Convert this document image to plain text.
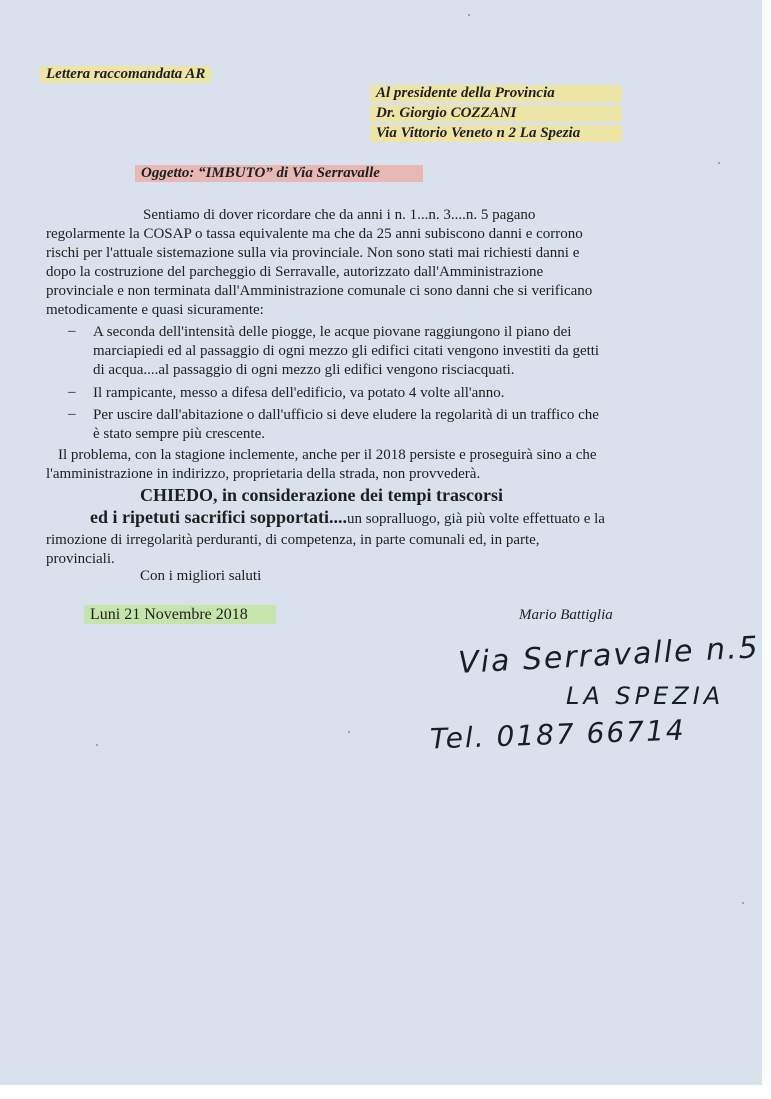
Lettera raccomandata AR
Al presidente della Provincia
Dr. Giorgio COZZANI
Via Vittorio Veneto n 2 La Spezia
Oggetto: “IMBUTO” di Via Serravalle
Sentiamo di dover ricordare che da anni i n. 1...n. 3....n. 5 pagano
regolarmente la COSAP o tassa equivalente ma che da 25 anni subiscono danni e corrono
rischi per l'attuale sistemazione sulla via provinciale. Non sono stati mai richiesti danni e
dopo la costruzione del parcheggio di Serravalle, autorizzato dall'Amministrazione
provinciale e non terminata dall'Amministrazione comunale ci sono danni che si verificano
metodicamente e quasi sicuramente:
– A seconda dell'intensità delle piogge, le acque piovane raggiungono il piano dei
marciapiedi ed al passaggio di ogni mezzo gli edifici citati vengono investiti da getti
di acqua....al passaggio di ogni mezzo gli edifici vengono risciacquati.
– Il rampicante, messo a difesa dell'edificio, va potato 4 volte all'anno.
– Per uscire dall'abitazione o dall'ufficio si deve eludere la regolarità di un traffico che
è stato sempre più crescente.
Il problema, con la stagione inclemente, anche per il 2018 persiste e proseguirà sino a che
l'amministrazione in indirizzo, proprietaria della strada, non provvederà.
CHIEDO, in considerazione dei tempi trascorsi
ed i ripetuti sacrifici sopportati....un sopralluogo, già più volte effettuato e la
rimozione di irregolarità perduranti, di competenza, in parte comunali ed, in parte,
provinciali.
Con i migliori saluti
Luni 21 Novembre 2018	Mario Battiglia
Via Serravalle n.5
LA SPEZIA
Tel. 0187 66714
